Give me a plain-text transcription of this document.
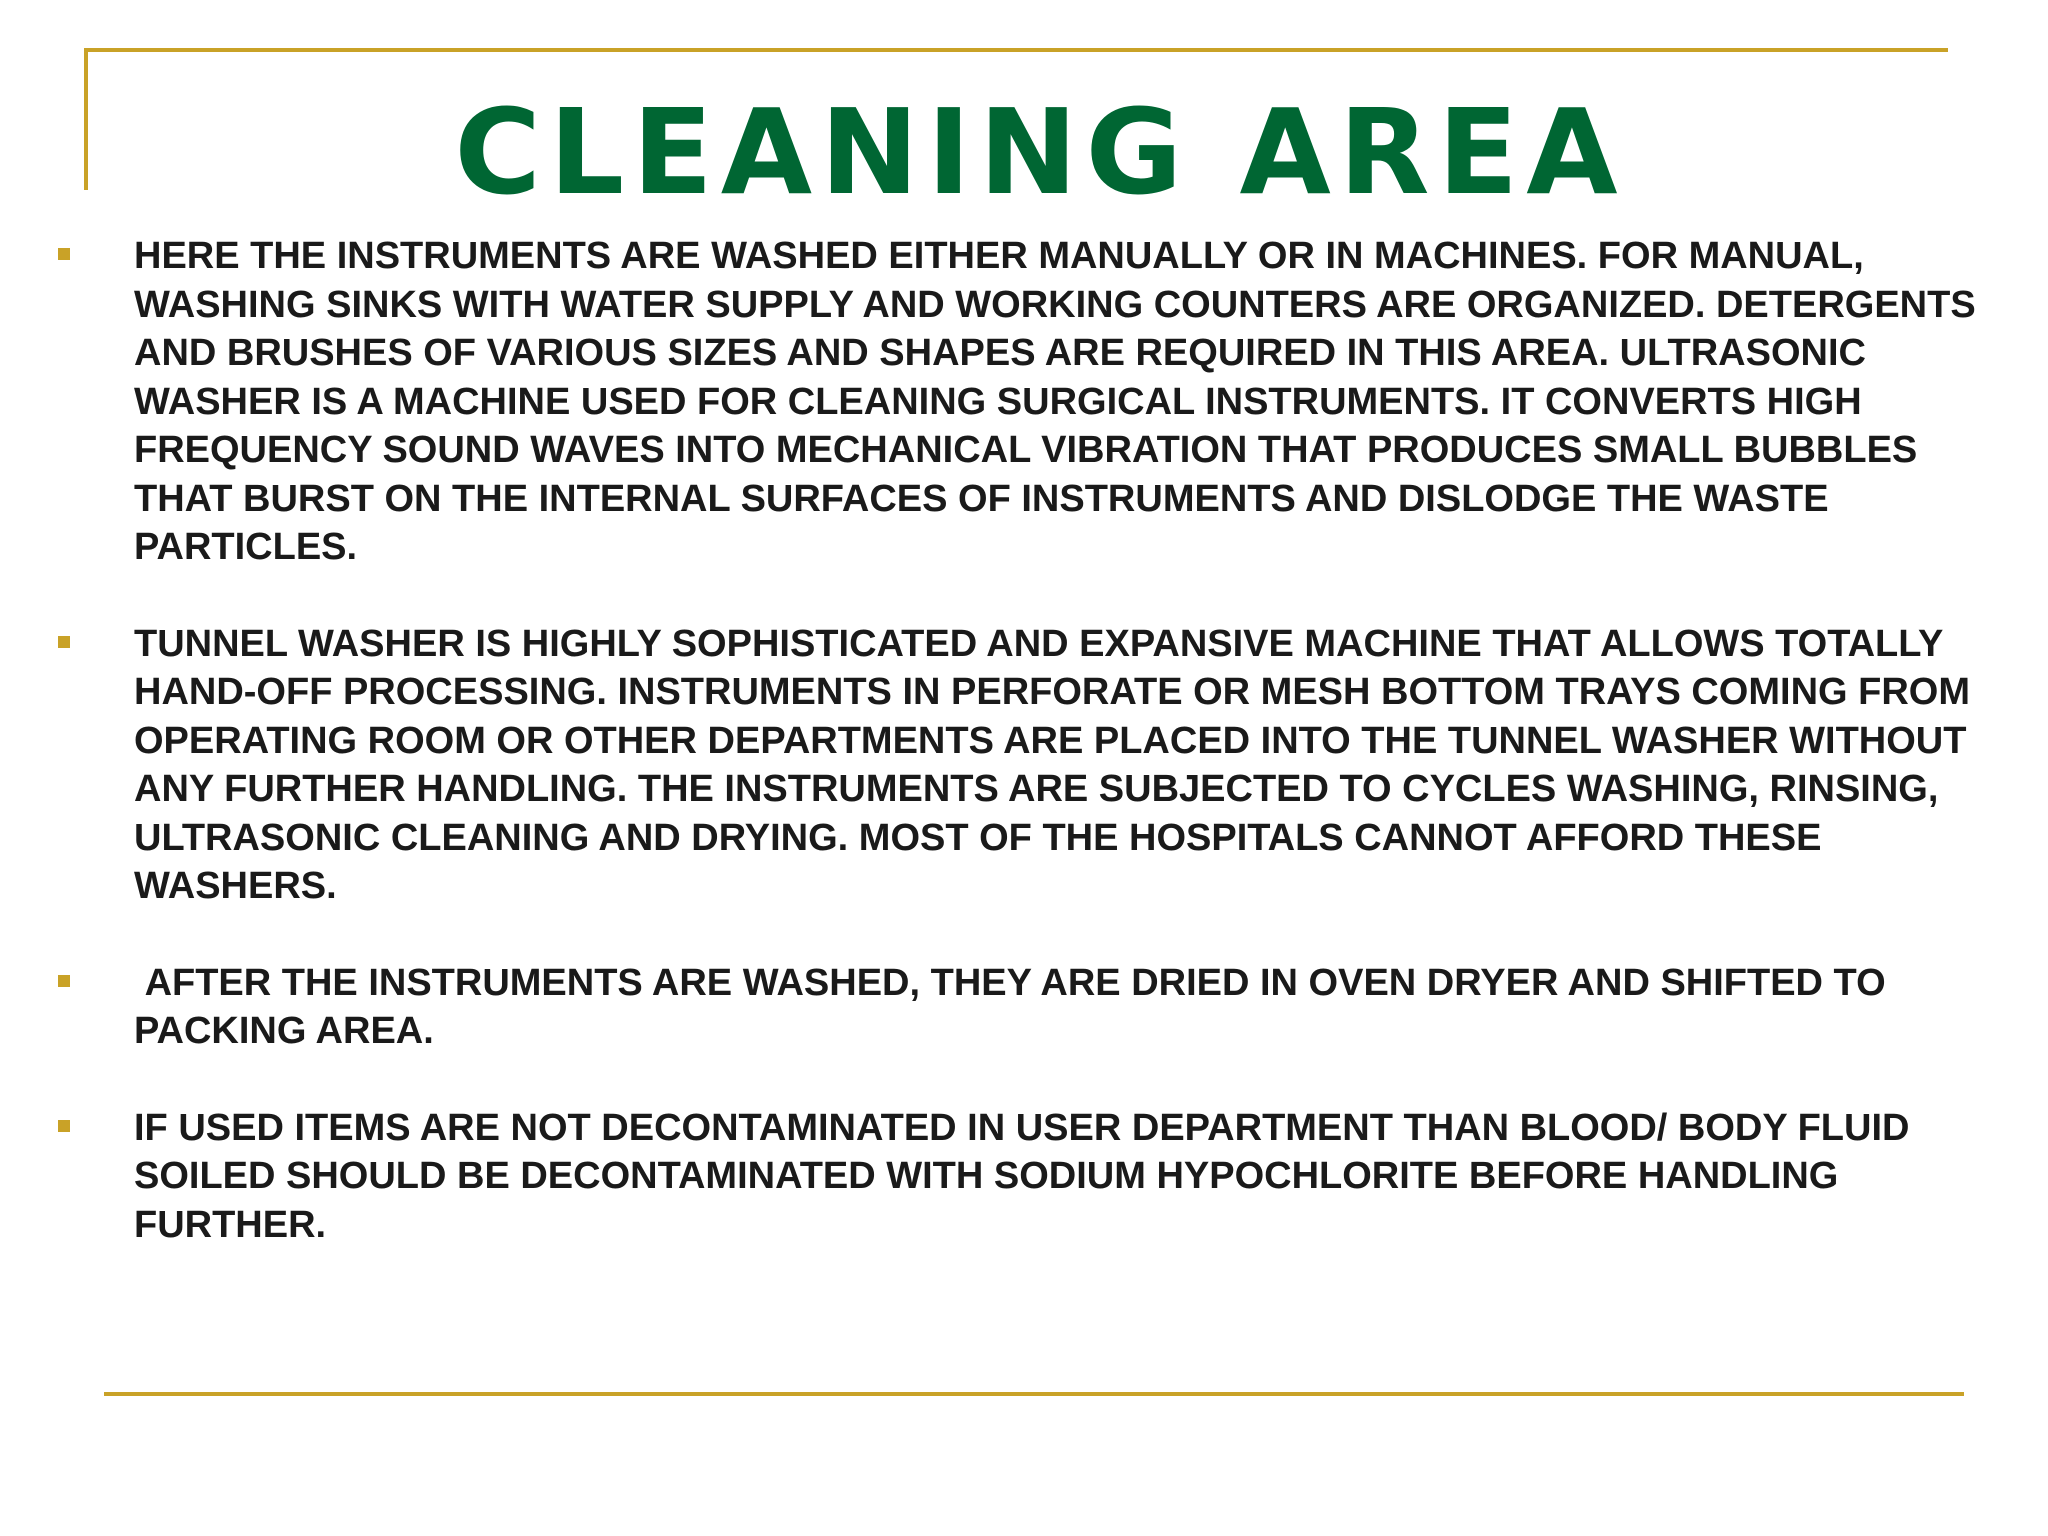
CLEANING AREA
HERE THE INSTRUMENTS ARE WASHED EITHER MANUALLY OR IN MACHINES. FOR MANUAL, WASHING SINKS WITH WATER SUPPLY AND WORKING COUNTERS ARE ORGANIZED. DETERGENTS AND BRUSHES OF VARIOUS SIZES AND SHAPES ARE REQUIRED IN THIS AREA. ULTRASONIC WASHER IS A MACHINE USED FOR CLEANING SURGICAL INSTRUMENTS. IT CONVERTS HIGH FREQUENCY SOUND WAVES INTO MECHANICAL VIBRATION THAT PRODUCES SMALL BUBBLES THAT BURST ON THE INTERNAL SURFACES OF INSTRUMENTS AND DISLODGE THE WASTE PARTICLES.
TUNNEL WASHER IS HIGHLY SOPHISTICATED AND EXPANSIVE MACHINE THAT ALLOWS TOTALLY HAND-OFF PROCESSING. INSTRUMENTS IN PERFORATE OR MESH BOTTOM TRAYS COMING FROM OPERATING ROOM OR OTHER DEPARTMENTS ARE PLACED INTO THE TUNNEL WASHER WITHOUT ANY FURTHER HANDLING. THE INSTRUMENTS ARE SUBJECTED TO CYCLES WASHING, RINSING, ULTRASONIC CLEANING AND DRYING. MOST OF THE HOSPITALS CANNOT AFFORD THESE WASHERS.
AFTER THE INSTRUMENTS ARE WASHED, THEY ARE DRIED IN OVEN DRYER AND SHIFTED TO PACKING AREA.
IF USED ITEMS ARE NOT DECONTAMINATED IN USER DEPARTMENT THAN BLOOD/ BODY FLUID SOILED SHOULD BE DECONTAMINATED WITH SODIUM HYPOCHLORITE BEFORE HANDLING FURTHER.
